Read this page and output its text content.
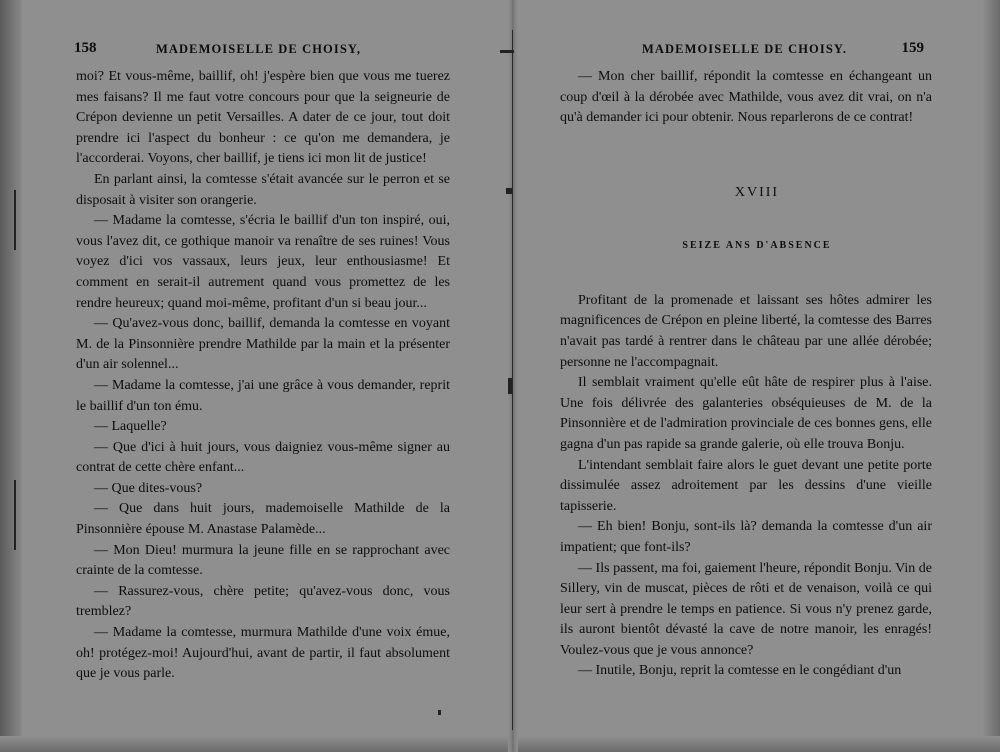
158	MADEMOISELLE DE CHOISY,

moi? Et vous-même, baillif, oh! j'espère bien que vous me tuerez mes faisans? Il me faut votre concours pour que la seigneurie de Crépon devienne un petit Versailles. A dater de ce jour, tout doit prendre ici l'aspect du bonheur : ce qu'on me demandera, je l'accorderai. Voyons, cher baillif, je tiens ici mon lit de justice!

En parlant ainsi, la comtesse s'était avancée sur le perron et se disposait à visiter son orangerie.

— Madame la comtesse, s'écria le baillif d'un ton inspiré, oui, vous l'avez dit, ce gothique manoir va renaître de ses ruines! Vous voyez d'ici vos vassaux, leurs jeux, leur enthousiasme! Et comment en serait-il autrement quand vous promettez de les rendre heureux; quand moi-même, profitant d'un si beau jour...

— Qu'avez-vous donc, baillif, demanda la comtesse en voyant M. de la Pinsonnière prendre Mathilde par la main et la présenter d'un air solennel...

— Madame la comtesse, j'ai une grâce à vous demander, reprit le baillif d'un ton ému.

— Laquelle?

— Que d'ici à huit jours, vous daigniez vous-même signer au contrat de cette chère enfant...

— Que dites-vous?

— Que dans huit jours, mademoiselle Mathilde de la Pinsonnière épouse M. Anastase Palamède...

— Mon Dieu! murmura la jeune fille en se rapprochant avec crainte de la comtesse.

— Rassurez-vous, chère petite; qu'avez-vous donc, vous tremblez?

— Madame la comtesse, murmura Mathilde d'une voix émue, oh! protégez-moi! Aujourd'hui, avant de partir, il faut absolument que je vous parle.

MADEMOISELLE DE CHOISY.	159

— Mon cher baillif, répondit la comtesse en échangeant un coup d'œil à la dérobée avec Mathilde, vous avez dit vrai, on n'a qu'à demander ici pour obtenir. Nous reparlerons de ce contrat!

XVIII
SEIZE ANS D'ABSENCE

Profitant de la promenade et laissant ses hôtes admirer les magnificences de Crépon en pleine liberté, la comtesse des Barres n'avait pas tardé à rentrer dans le château par une allée dérobée; personne ne l'accompagnait.

Il semblait vraiment qu'elle eût hâte de respirer plus à l'aise. Une fois délivrée des galanteries obséquieuses de M. de la Pinsonnière et de l'admiration provinciale de ces bonnes gens, elle gagna d'un pas rapide sa grande galerie, où elle trouva Bonju.

L'intendant semblait faire alors le guet devant une petite porte dissimulée assez adroitement par les dessins d'une vieille tapisserie.

— Eh bien! Bonju, sont-ils là? demanda la comtesse d'un air impatient; que font-ils?

— Ils passent, ma foi, gaiement l'heure, répondit Bonju. Vin de Sillery, vin de muscat, pièces de rôti et de venaison, voilà ce qui leur sert à prendre le temps en patience. Si vous n'y prenez garde, ils auront bientôt dévasté la cave de notre manoir, les enragés! Voulez-vous que je vous annonce?

— Inutile, Bonju, reprit la comtesse en le congédiant d'un
